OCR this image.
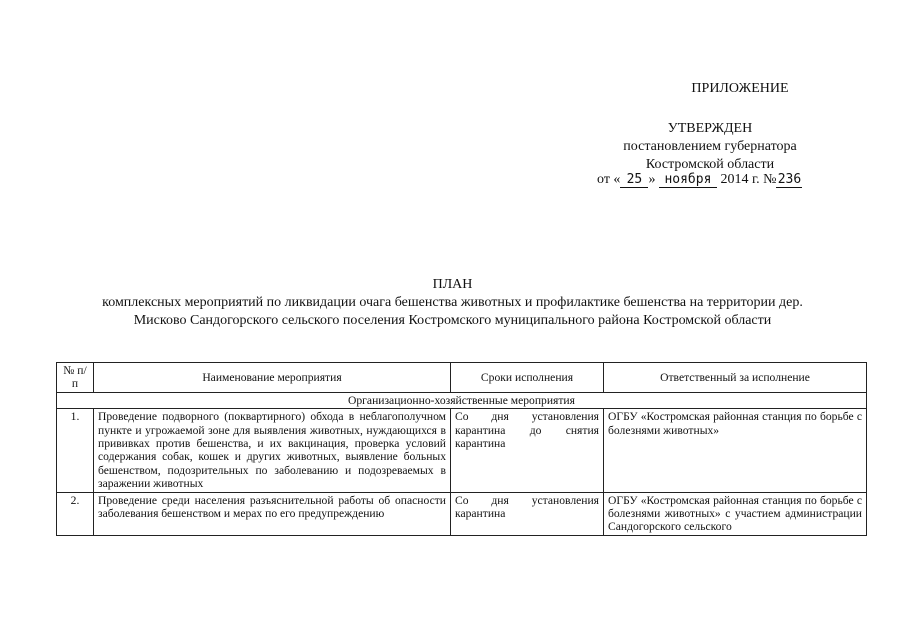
ПРИЛОЖЕНИЕ
УТВЕРЖДЕН
постановлением губернатора
Костромской области
от « 25 » ноября 2014 г. №236
ПЛАН
комплексных мероприятий по ликвидации очага бешенства животных и профилактике бешенства на территории дер.
Мисково Сандогорского сельского поселения Костромского муниципального района Костромской области
№ п/п	Наименование мероприятия	Сроки исполнения	Ответственный за исполнение
Организационно-хозяйственные мероприятия			
1.	Проведение подворного (поквартирного) обхода в неблагополучном пункте и угрожаемой зоне для выявления животных, нуждающихся в прививках против бешенства, и их вакцинация, проверка условий содержания собак, кошек и других животных, выявление больных бешенством, подозрительных по заболеванию и подозреваемых в заражении животных	Со дня установления карантина до снятия карантина	ОГБУ «Костромская районная станция по борьбе с болезнями животных»
2.	Проведение среди населения разъяснительной работы об опасности заболевания бешенством и мерах по его предупреждению	Со дня установления карантина	ОГБУ «Костромская районная станция по борьбе с болезнями животных» с участием администрации Сандогорского сельского
